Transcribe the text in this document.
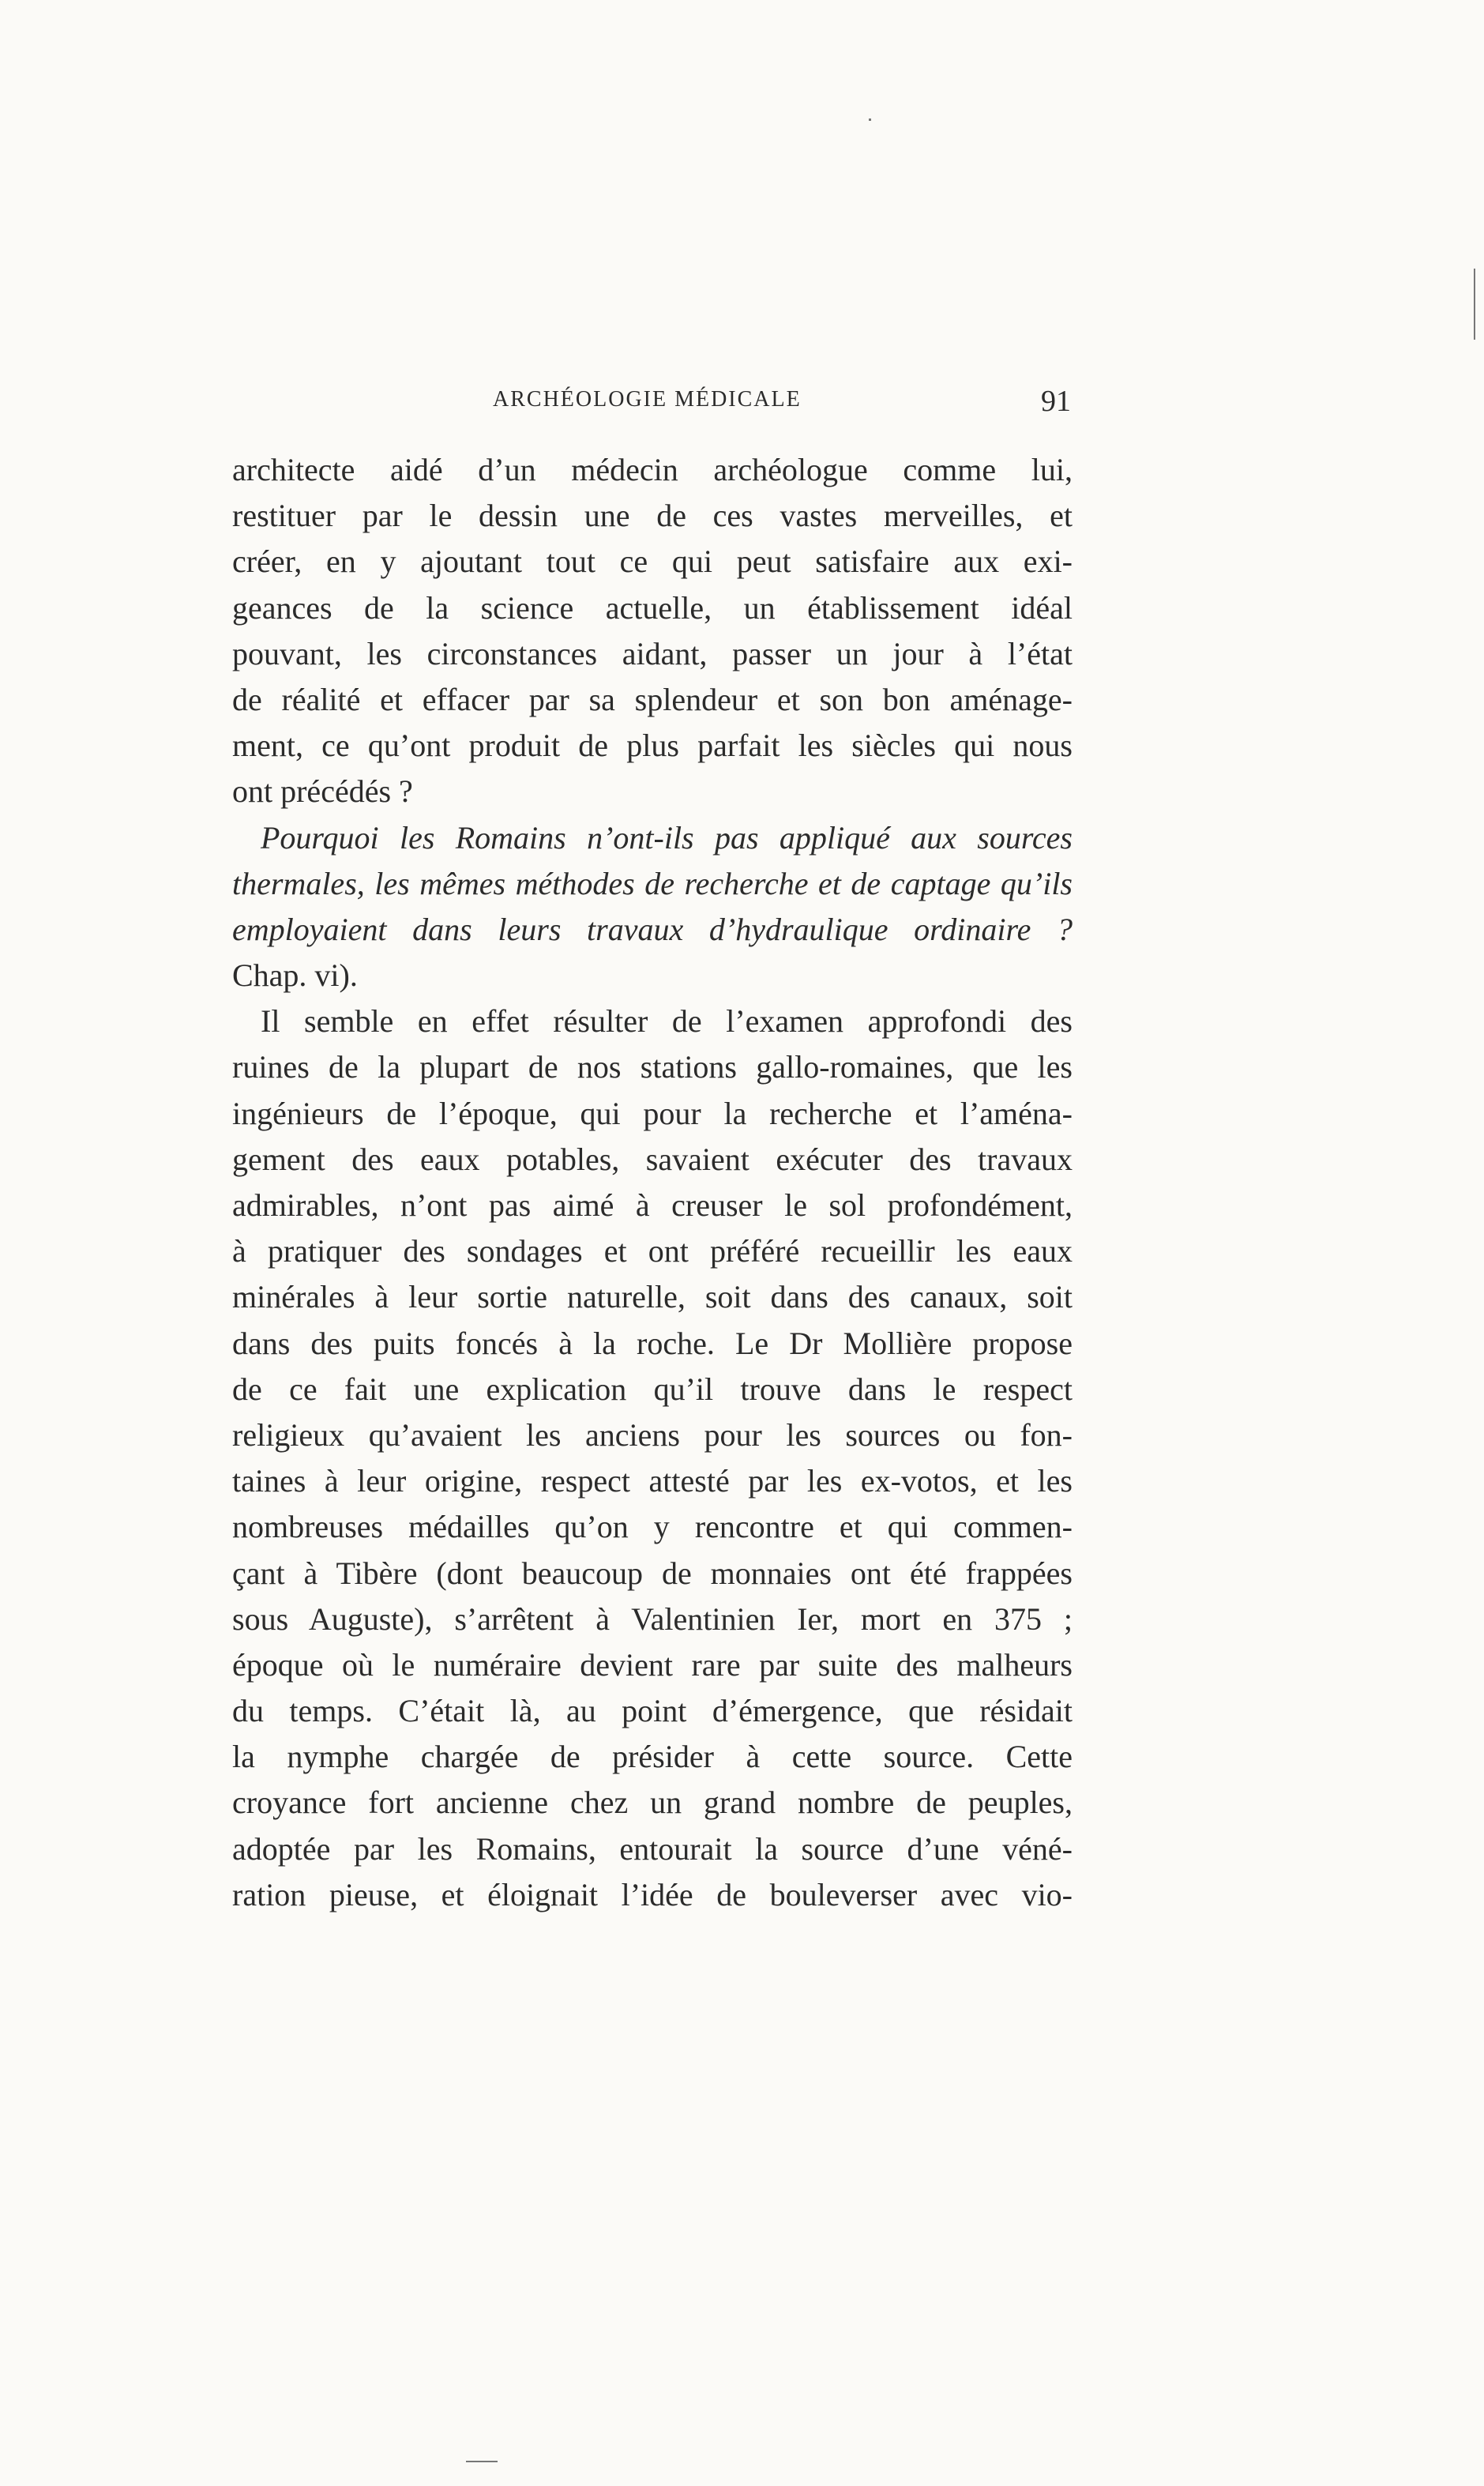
ARCHÉOLOGIE MÉDICALE	91
architecte aidé d’un médecin archéologue comme lui,
restituer par le dessin une de ces vastes merveilles, et
créer, en y ajoutant tout ce qui peut satisfaire aux exi-
geances de la science actuelle, un établissement idéal
pouvant, les circonstances aidant, passer un jour à l’état
de réalité et effacer par sa splendeur et son bon aménage-
ment, ce qu’ont produit de plus parfait les siècles qui nous
ont précédés ?
Pourquoi les Romains n’ont-ils pas appliqué aux sources
thermales, les mêmes méthodes de recherche et de captage qu’ils
employaient dans leurs travaux d’hydraulique ordinaire ?
Chap. vi).
Il semble en effet résulter de l’examen approfondi des
ruines de la plupart de nos stations gallo-romaines, que les
ingénieurs de l’époque, qui pour la recherche et l’aména-
gement des eaux potables, savaient exécuter des travaux
admirables, n’ont pas aimé à creuser le sol profondément,
à pratiquer des sondages et ont préféré recueillir les eaux
minérales à leur sortie naturelle, soit dans des canaux, soit
dans des puits foncés à la roche. Le Dr Mollière propose
de ce fait une explication qu’il trouve dans le respect
religieux qu’avaient les anciens pour les sources ou fon-
taines à leur origine, respect attesté par les ex-votos, et les
nombreuses médailles qu’on y rencontre et qui commen-
çant à Tibère (dont beaucoup de monnaies ont été frappées
sous Auguste), s’arrêtent à Valentinien Ier, mort en 375 ;
époque où le numéraire devient rare par suite des malheurs
du temps. C’était là, au point d’émergence, que résidait
la nymphe chargée de présider à cette source. Cette
croyance fort ancienne chez un grand nombre de peuples,
adoptée par les Romains, entourait la source d’une véné-
ration pieuse, et éloignait l’idée de bouleverser avec vio-
